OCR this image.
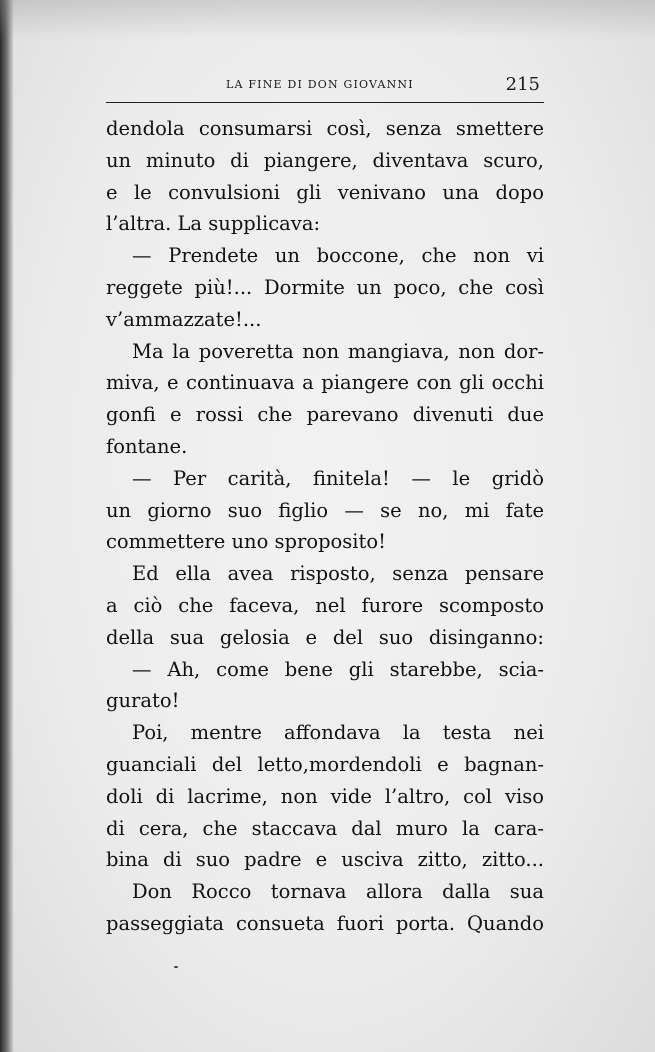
LA FINE DI DON GIOVANNI	215
dendola consumarsi così, senza smettere
un minuto di piangere, diventava scuro,
e le convulsioni gli venivano una dopo
l’altra. La supplicava:
— Prendete un boccone, che non vi
reggete più!... Dormite un poco, che così
v’ammazzate!...
Ma la poveretta non mangiava, non dor-
miva, e continuava a piangere con gli occhi
gonfi e rossi che parevano divenuti due
fontane.
— Per carità, finitela! — le gridò
un giorno suo figlio — se no, mi fate
commettere uno sproposito!
Ed ella avea risposto, senza pensare
a ciò che faceva, nel furore scomposto
della sua gelosia e del suo disinganno:
— Ah, come bene gli starebbe, scia-
gurato!
Poi, mentre affondava la testa nei
guanciali del letto,mordendoli e bagnan-
doli di lacrime, non vide l’altro, col viso
di cera, che staccava dal muro la cara-
bina di suo padre e usciva zitto, zitto...
Don Rocco tornava allora dalla sua
passeggiata consueta fuori porta. Quando
